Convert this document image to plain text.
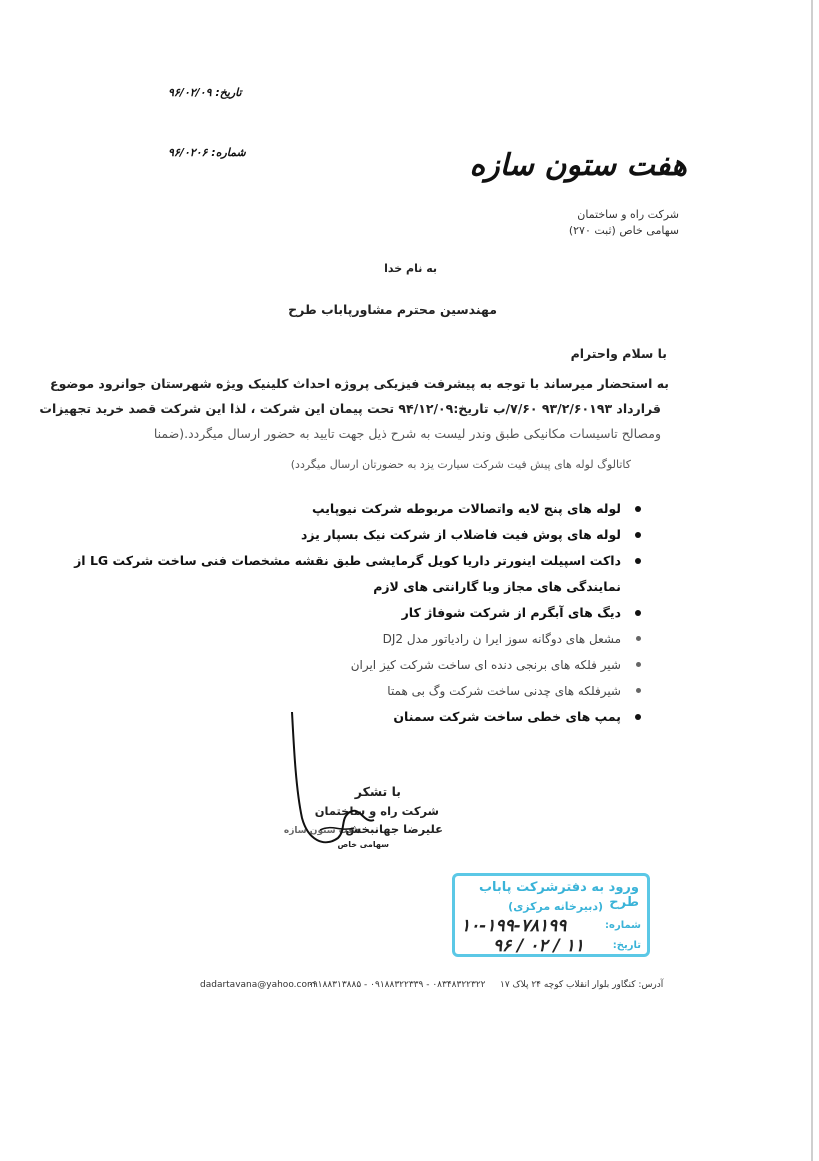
تاریخ: ۹۶/۰۲/۰۹
شماره: ۹۶/۰۲۰۶	هفت ستون سازه
شرکت راه و ساختمان
سهامی خاص (ثبت ۲۷۰)
به نام خدا
مهندسین محترم مشاورپاباب طرح
با سلام واحترام
به استحضار میرساند با توجه به پیشرفت فیزیکی پروژه احداث کلینیک ویژه شهرستان جوانرود موضوع
قرارداد ۹۳/۲/۶۰۱۹۳ ۷/۶۰/ب تاریخ:۹۴/۱۲/۰۹ تحت پیمان این شرکت ، لذا این شرکت قصد خرید تجهیزات
ومصالح تاسیسات مکانیکی طبق وندر لیست به شرح ذیل جهت تایید به حضور ارسال میگردد.(ضمنا
کاتالوگ لوله های پیش فیت شرکت سیارت یزد به حضورتان ارسال میگردد)
لوله های پنج لایه واتصالات مربوطه شرکت نیوپایپ
لوله های پوش فیت فاضلاب از شرکت نیک بسپار یزد
داکت اسپیلت اینورتر داریا کویل گرمایشی طبق نقشه مشخصات فنی ساخت شرکت LG از
نمایندگی های مجاز وبا گارانتی های لازم
دیگ های آبگرم از شرکت شوفاژ کار
مشعل های دوگانه سوز ایرا ن رادیاتور مدل DJ2
شیر فلکه های برنجی دنده ای ساخت شرکت کیز ایران
شیرفلکه های چدنی ساخت شرکت وگ بی همتا
پمپ های خطی ساخت شرکت سمنان
با تشکر
شرکت راه و ساختمان
علیرضا جهانبخش
سهامی خاص
هفت ستون سازه
ورود به دفترشرکت پاباب طرح
(دبیرخانه مرکزی)
شماره:
تاریخ:
۱۰-۱۹۹-۷۸۱۹۹
۹۶ / ۰۲ / ۱۱
dadartavana@yahoo.com
۰۸۳۴۸۳۲۲۳۲۲ - ۰۹۱۸۸۳۲۲۳۳۹ - ۰۹۱۸۸۳۱۳۸۸۵ آدرس: کنگاور بلوار انقلاب کوچه ۲۴ پلاک ۱۷
